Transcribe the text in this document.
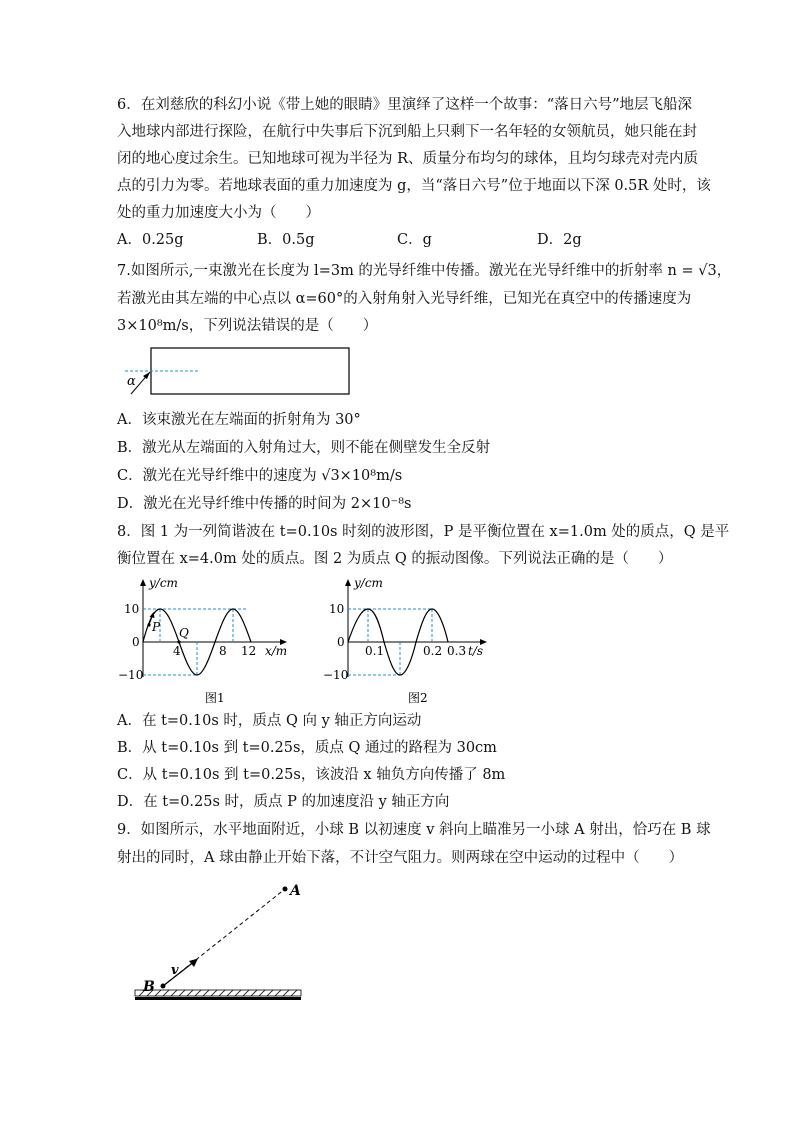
6．在刘慈欣的科幻小说《带上她的眼睛》里演绎了这样一个故事：“落日六号”地层飞船深
入地球内部进行探险，在航行中失事后下沉到船上只剩下一名年轻的女领航员，她只能在封
闭的地心度过余生。已知地球可视为半径为 R、质量分布均匀的球体，且均匀球壳对壳内质
点的引力为零。若地球表面的重力加速度为 g，当“落日六号”位于地面以下深 0.5R 处时，该
处的重力加速度大小为（　　）
A．0.25g	B．0.5g	C．g	D．2g
7.如图所示,一束激光在长度为 l=3m 的光导纤维中传播。激光在光导纤维中的折射率 n = √3，
若激光由其左端的中心点以 α=60°的入射角射入光导纤维，已知光在真空中的传播速度为
3×10⁸m/s，下列说法错误的是（　　）
α
A．该束激光在左端面的折射角为 30°
B．激光从左端面的入射角过大，则不能在侧壁发生全反射
C．激光在光导纤维中的速度为 √3×10⁸m/s
D．激光在光导纤维中传播的时间为 2×10⁻⁸s
8．图 1 为一列简谐波在 t=0.10s 时刻的波形图，P 是平衡位置在 x=1.0m 处的质点，Q 是平
衡位置在 x=4.0m 处的质点。图 2 为质点 Q 的振动图像。下列说法正确的是（　　）
y/cm
x/m
10
0
−10
4	8 12
P Q
图1
y/cm
t/s
10
0
−10
0.1	0.2 0.3
图2
A．在 t=0.10s 时，质点 Q 向 y 轴正方向运动
B．从 t=0.10s 到 t=0.25s，质点 Q 通过的路程为 30cm
C．从 t=0.10s 到 t=0.25s，该波沿 x 轴负方向传播了 8m
D．在 t=0.25s 时，质点 P 的加速度沿 y 轴正方向
9．如图所示，水平地面附近，小球 B 以初速度 v 斜向上瞄准另一小球 A 射出，恰巧在 B 球
射出的同时，A 球由静止开始下落，不计空气阻力。则两球在空中运动的过程中（　　）
A
B
v
